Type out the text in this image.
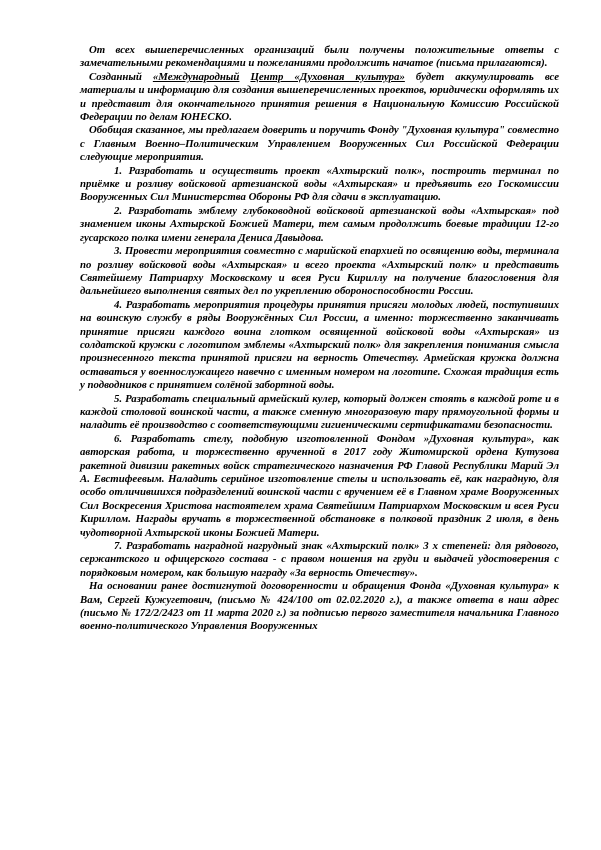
От всех вышеперечисленных организаций были получены положительные ответы с замечательными рекомендациями и пожеланиями продолжить начатое (письма прилагаются).

Созданный «Международный Центр «Духовная культура» будет аккумулировать все материалы и информацию для создания вышеперечисленных проектов, юридически оформлять их и представит для окончательного принятия решения в Национальную Комиссию Российской Федерации по делам ЮНЕСКО.

Обобщая сказанное, мы предлагаем доверить и поручить Фонду "Духовная культура" совместно с Главным Военно–Политическим Управлением Вооруженных Сил Российской Федерации следующие мероприятия.

1. Разработать и осуществить проект «Ахтырский полк», построить терминал по приёмке и розливу войсковой артезианской воды «Ахтырская» и предъявить его Госкомиссии Вооруженных Сил Министерства Обороны РФ для сдачи в эксплуатацию.

2. Разработать эмблему глубоководной войсковой артезианской воды «Ахтырская» под знамением иконы Ахтырской Божией Матери, тем самым продолжить боевые традиции 12-го гусарского полка имени генерала Дениса Давыдова.

3. Провести мероприятия совместно с марийской епархией по освящению воды, терминала по розливу войсковой воды «Ахтырская» и всего проекта «Ахтырский полк» и представить Святейшему Патриарху Московскому и всея Руси Кириллу на получение благословения для дальнейшего выполнения святых дел по укреплению обороноспособности России.

4. Разработать мероприятия процедуры принятия присяги молодых людей, поступивших на воинскую службу в ряды Вооружённых Сил России, а именно: торжественно заканчивать принятие присяги каждого воина глотком освященной войсковой воды «Ахтырская» из солдатской кружки с логотипом эмблемы «Ахтырский полк» для закрепления понимания смысла произнесенного текста принятой присяги на верность Отечеству. Армейская кружка должна оставаться у военнослужащего навечно с именным номером на логотипе. Схожая традиция есть у подводников с принятием солёной забортной воды.

5. Разработать специальный армейский кулер, который должен стоять в каждой роте и в каждой столовой воинской части, а также сменную многоразовую тару прямоугольной формы и наладить её производство с соответствующими гигиеническими сертификатами безопасности.

6. Разработать стелу, подобную изготовленной Фондом »Духовная культура», как авторская работа, и торжественно врученной в 2017 году Житомирской ордена Кутузова ракетной дивизии ракетных войск стратегического назначения РФ Главой Республики Марий Эл А. Евстифеевым. Наладить серийное изготовление стелы и использовать её, как наградную, для особо отличившихся подразделений воинской части с вручением её в Главном храме Вооруженных Сил Воскресения Христова настоятелем храма Святейшим Патриархом Московским и всея Руси Кириллом. Награды вручать в торжественной обстановке в полковой праздник 2 июля, в день чудотворной Ахтырской иконы Божией Матери.

7. Разработать наградной нагрудный знак «Ахтырский полк» 3 х степеней: для рядового, сержантского и офицерского состава - с правом ношения на груди и выдачей удостоверения с порядковым номером, как большую награду «За верность Отечеству».

На основании ранее достигнутой договоренности и обращения Фонда «Духовная культура» к Вам, Сергей Кужугетович, (письмо № 424/100 от 02.02.2020 г.), а также ответа в наш адрес (письмо № 172/2/2423 от 11 марта 2020 г.) за подписью первого заместителя начальника Главного военно-политического Управления Вооруженных
